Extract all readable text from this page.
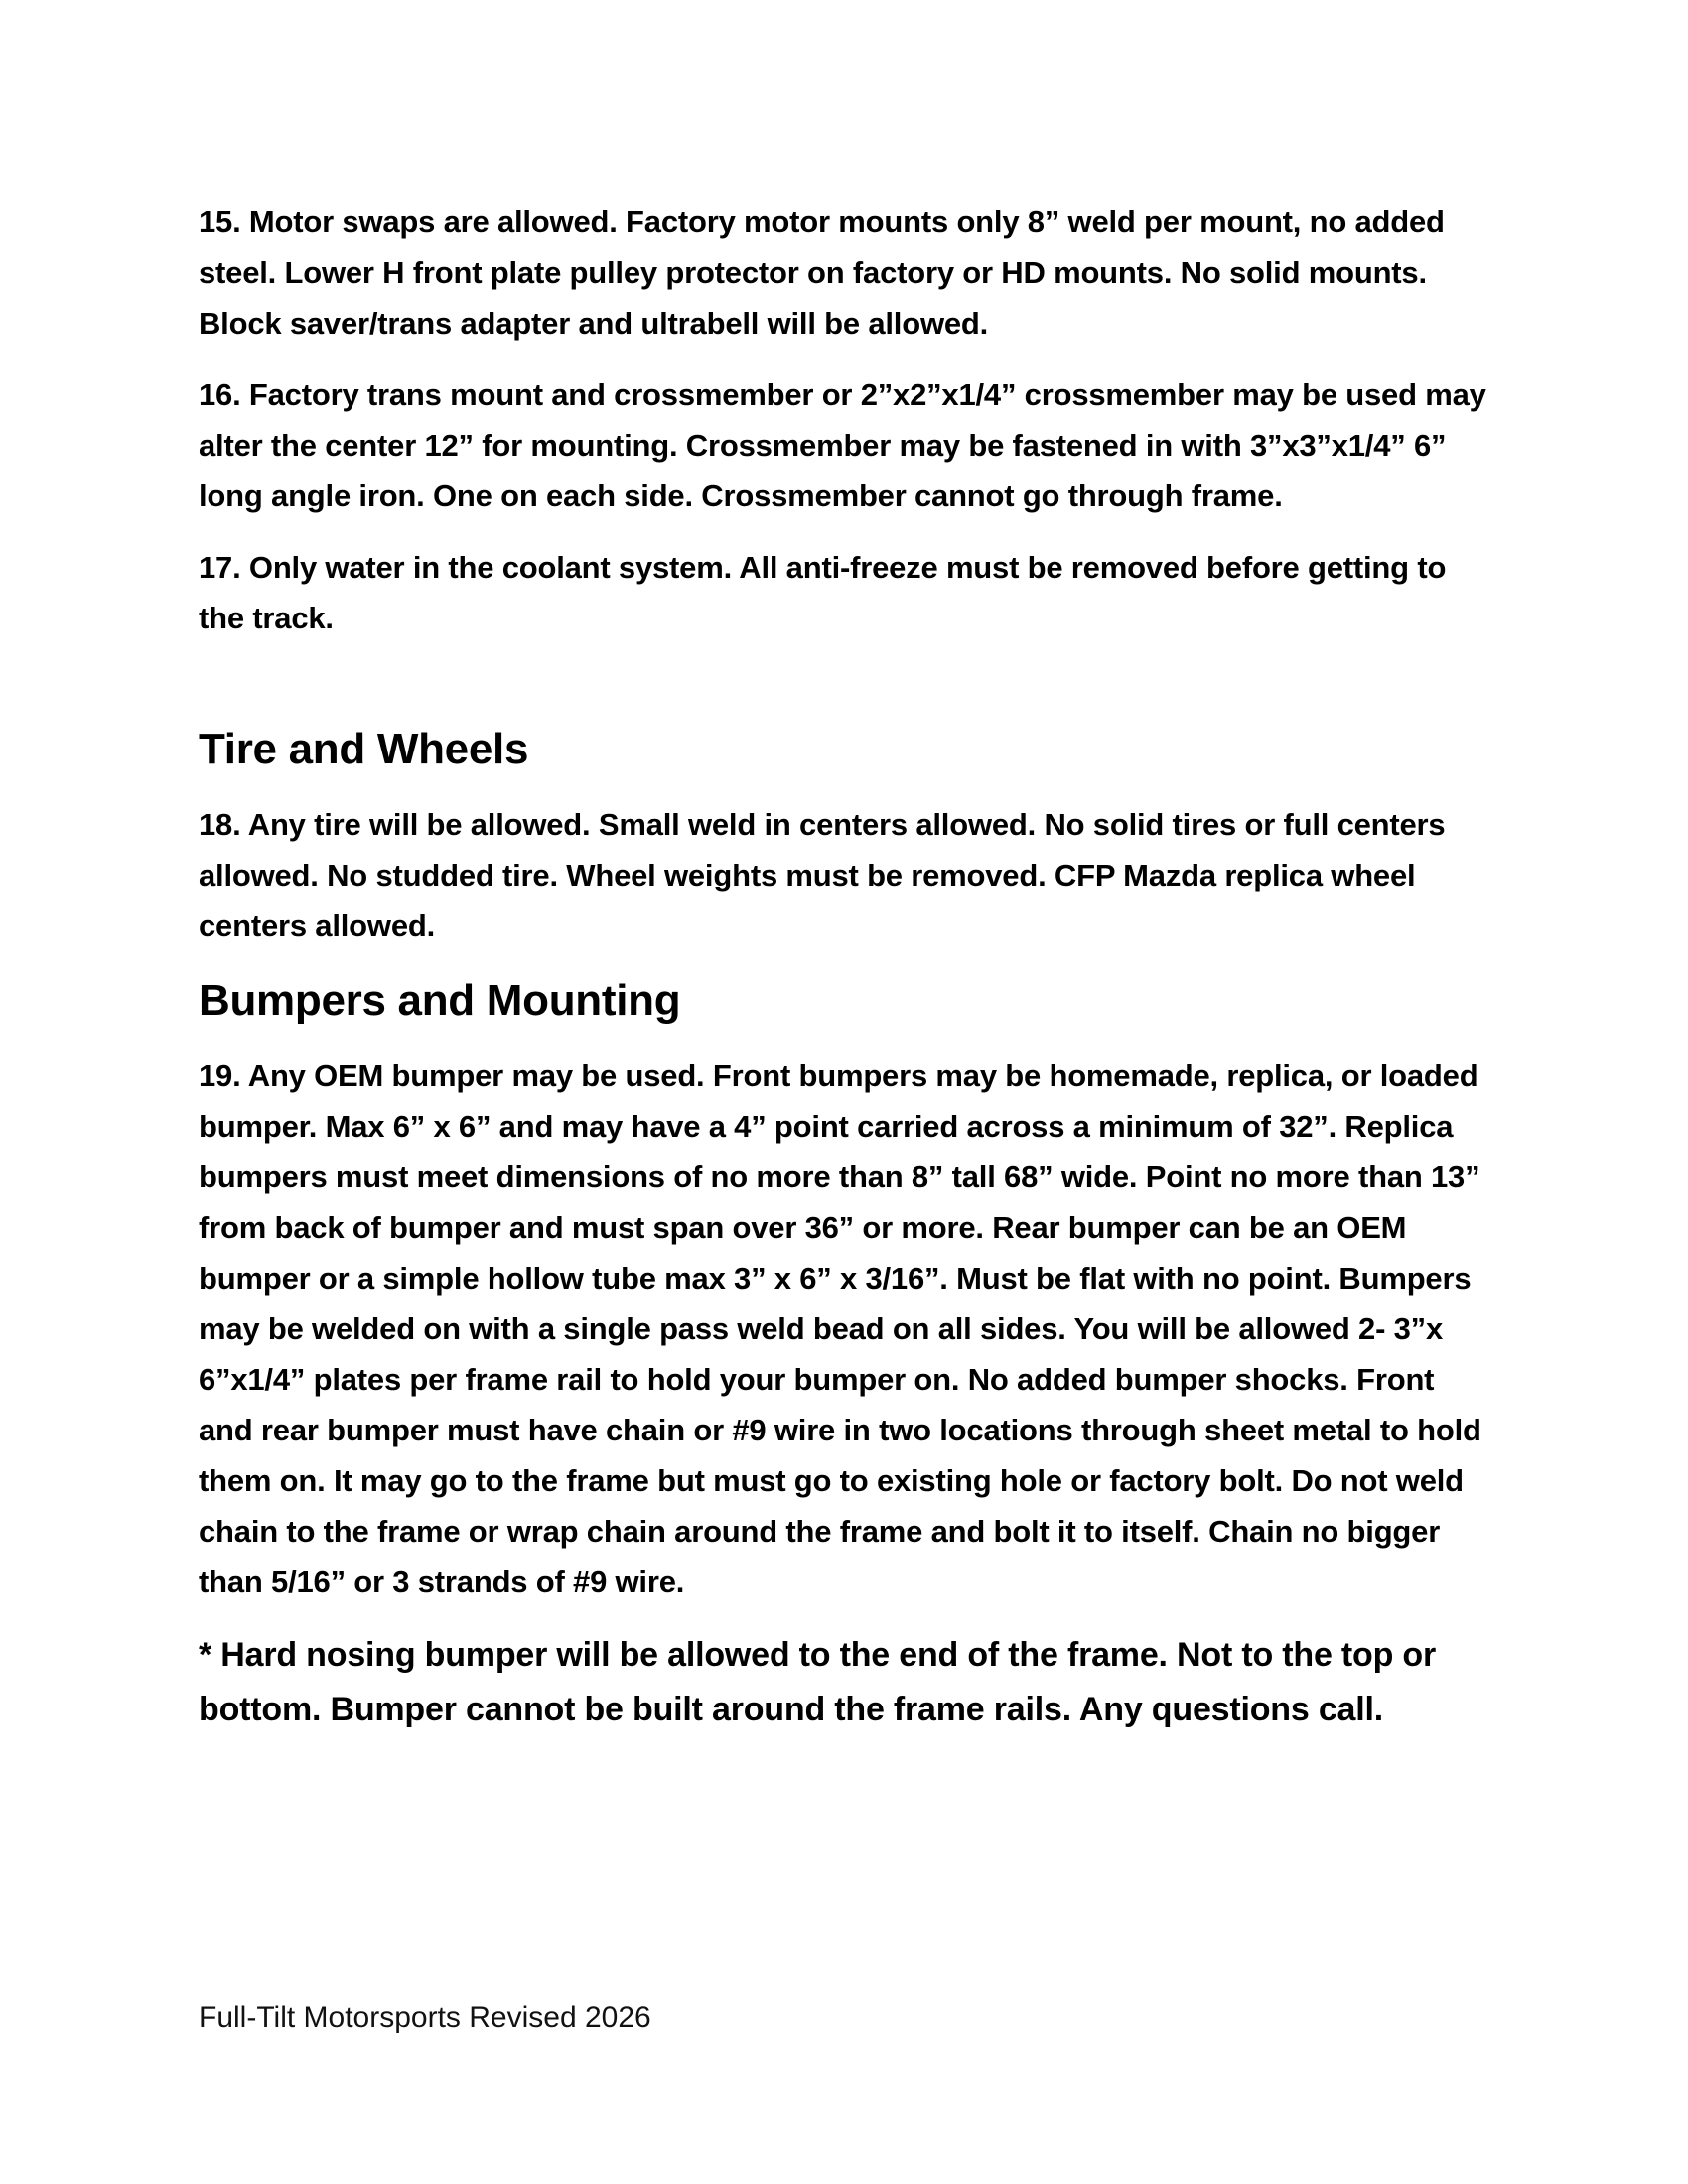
15. Motor swaps are allowed. Factory motor mounts only 8” weld per mount, no added steel. Lower H front plate pulley protector on factory or HD mounts. No solid mounts. Block saver/trans adapter and ultrabell will be allowed.

16. Factory trans mount and crossmember or 2”x2”x1/4” crossmember may be used may alter the center 12” for mounting. Crossmember may be fastened in with 3”x3”x1/4” 6” long angle iron. One on each side. Crossmember cannot go through frame.

17. Only water in the coolant system. All anti-freeze must be removed before getting to the track.

Tire and Wheels

18. Any tire will be allowed. Small weld in centers allowed. No solid tires or full centers allowed. No studded tire. Wheel weights must be removed. CFP Mazda replica wheel centers allowed.

Bumpers and Mounting

19. Any OEM bumper may be used. Front bumpers may be homemade, replica, or loaded bumper. Max 6” x 6” and may have a 4” point carried across a minimum of 32”. Replica bumpers must meet dimensions of no more than 8” tall 68” wide. Point no more than 13” from back of bumper and must span over 36” or more. Rear bumper can be an OEM bumper or a simple hollow tube max 3” x 6” x 3/16”. Must be flat with no point. Bumpers may be welded on with a single pass weld bead on all sides. You will be allowed 2- 3”x 6”x1/4” plates per frame rail to hold your bumper on. No added bumper shocks. Front and rear bumper must have chain or #9 wire in two locations through sheet metal to hold them on. It may go to the frame but must go to existing hole or factory bolt. Do not weld chain to the frame or wrap chain around the frame and bolt it to itself. Chain no bigger than 5/16” or 3 strands of #9 wire.

* Hard nosing bumper will be allowed to the end of the frame. Not to the top or bottom. Bumper cannot be built around the frame rails. Any questions call.

Full-Tilt Motorsports Revised 2026
